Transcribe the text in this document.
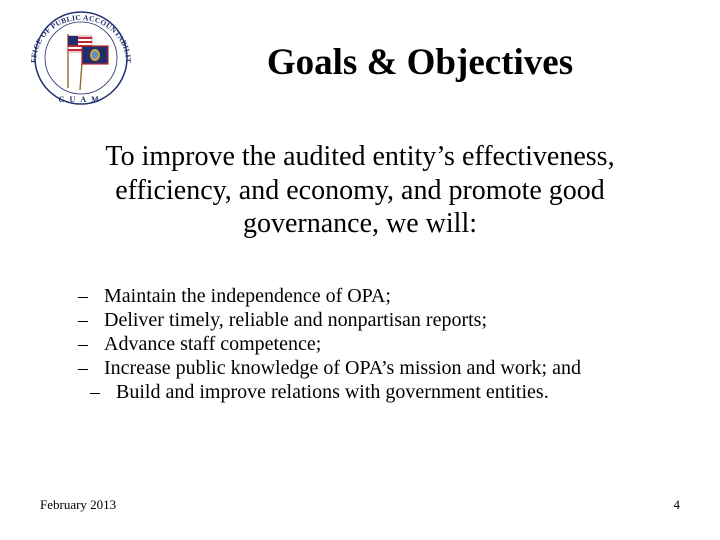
FFICE OF PUBLIC ACCOUNTABILIT
GUAM
Goals & Objectives

To improve the audited entity’s effectiveness, efficiency, and economy, and promote good governance, we will:

– Maintain the independence of OPA;
– Deliver timely, reliable and nonpartisan reports;
– Advance staff competence;
– Increase public knowledge of OPA’s mission and work; and
– Build and improve relations with government entities.
February 2013	4
